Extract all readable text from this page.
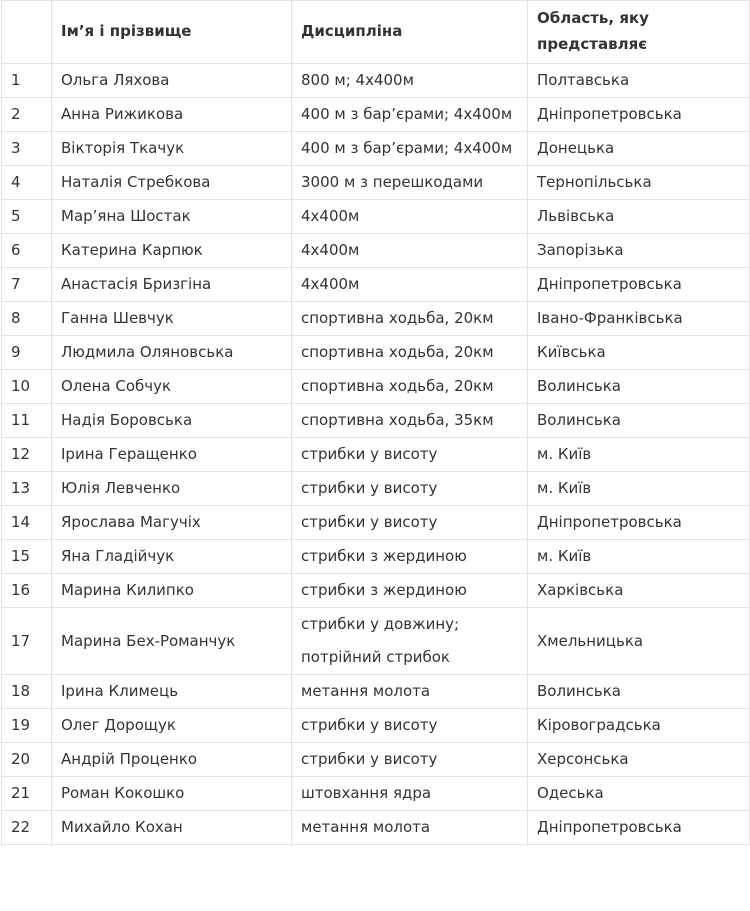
	Ім’я і прізвище	Дисципліна	Область, яку представляє
1	Ольга Ляхова	800 м; 4х400м	Полтавська
2	Анна Рижикова	400 м з бар’єрами; 4х400м	Дніпропетровська
3	Вікторія Ткачук	400 м з бар’єрами; 4х400м	Донецька
4	Наталія Стребкова	3000 м з перешкодами	Тернопільська
5	Мар’яна Шостак	4х400м	Львівська
6	Катерина Карпюк	4х400м	Запорізька
7	Анастасія Бризгіна	4х400м	Дніпропетровська
8	Ганна Шевчук	спортивна ходьба, 20км	Івано-Франківська
9	Людмила Оляновська	спортивна ходьба, 20км	Київська
10	Олена Собчук	спортивна ходьба, 20км	Волинська
11	Надія Боровська	спортивна ходьба, 35км	Волинська
12	Ірина Геращенко	стрибки у висоту	м. Київ
13	Юлія Левченко	стрибки у висоту	м. Київ
14	Ярослава Магучіх	стрибки у висоту	Дніпропетровська
15	Яна Гладійчук	стрибки з жердиною	м. Київ
16	Марина Килипко	стрибки з жердиною	Харківська
17	Марина Бех-Романчук	стрибки у довжину; потрійний стрибок	Хмельницька
18	Ірина Климець	метання молота	Волинська
19	Олег Дорощук	стрибки у висоту	Кіровоградська
20	Андрій Проценко	стрибки у висоту	Херсонська
21	Роман Кокошко	штовхання ядра	Одеська
22	Михайло Кохан	метання молота	Дніпропетровська
